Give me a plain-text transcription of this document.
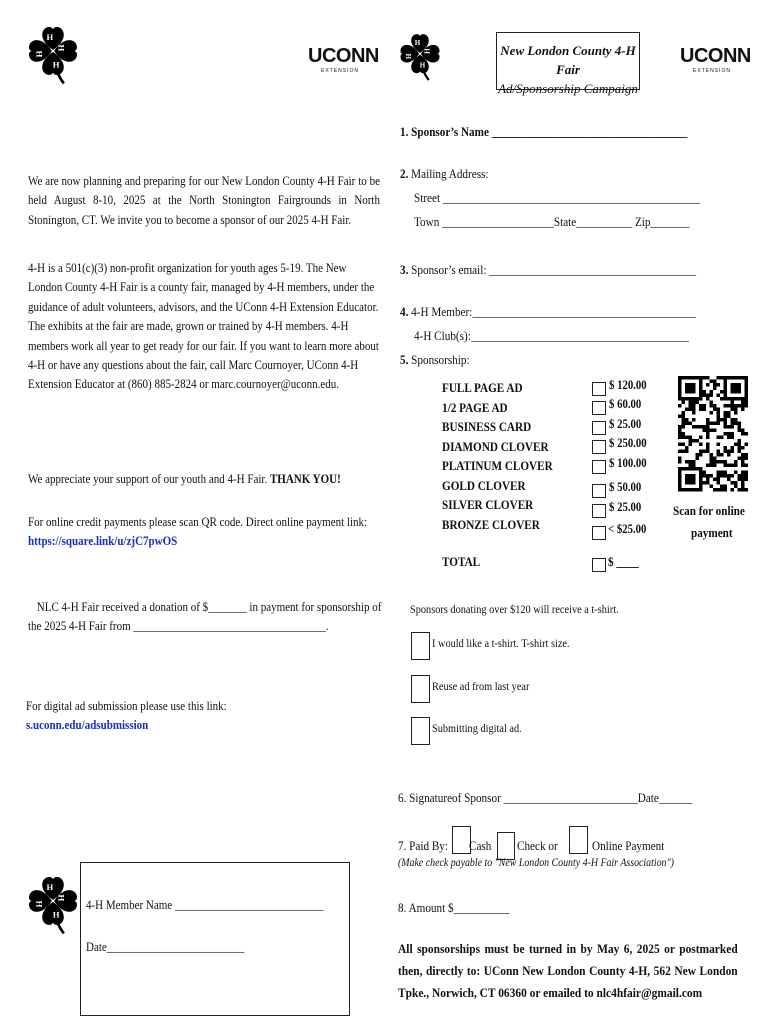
UCONN
EXTENSION
We are now planning and preparing for our New London County 4-H Fair to be held August 8-10, 2025 at the North Stonington Fairgrounds in North Stonington, CT. We invite you to become a sponsor of our 2025 4-H Fair.
4-H is a 501(c)(3) non-profit organization for youth ages 5-19. The New London County 4-H Fair is a county fair, managed by 4-H members, under the guidance of adult volunteers, advisors, and the UConn 4-H Extension Educator. The exhibits at the fair are made, grown or trained by 4-H members. 4-H members work all year to get ready for our fair. If you want to learn more about 4-H or have any questions about the fair, call Marc Cournoyer, UConn 4-H Extension Educator at (860) 885-2824 or marc.cournoyer@uconn.edu.
We appreciate your support of our youth and 4-H Fair. THANK YOU!
For online credit payments please scan QR code. Direct online payment link:
https://square.link/u/zjC7pwOS
NLC 4-H Fair received a donation of $_______ in payment for sponsorship of
the 2025 4-H Fair from ___________________________________.
For digital ad submission please use this link:
s.uconn.edu/adsubmission
4-H Member Name ___________________________
Date_________________________
New London County 4-H Fair
Ad/Sponsorship Campaign
UCONN
EXTENSION
1. Sponsor’s Name ___________________________________
2. Mailing Address:
Street ______________________________________________
Town ____________________State__________ Zip_______
3. Sponsor’s email: _____________________________________
4. 4-H Member:________________________________________
4-H Club(s):_______________________________________
5. Sponsorship:
FULL PAGE AD	$ 120.00
1/2 PAGE AD	$ 60.00
BUSINESS CARD	$ 25.00
DIAMOND CLOVER	$ 250.00
PLATINUM CLOVER	$ 100.00
GOLD CLOVER	$ 50.00
SILVER CLOVER	$ 25.00
BRONZE CLOVER	< $25.00
TOTAL	$ ____
Scan for online
payment
Sponsors donating over $120 will receive a t-shirt.
I would like a t-shirt. T-shirt size.
Reuse ad from last year
Submitting digital ad.
6. Signatureof Sponsor ________________________Date______
7. Paid By:	Cash Check or	Online Payment
(Make check payable to "New London County 4-H Fair Association")
8. Amount $__________
All sponsorships must be turned in by May 6, 2025 or postmarked then, directly to: UConn New London County 4-H, 562 New London Tpke., Norwich, CT 06360 or emailed to nlc4hfair@gmail.com
